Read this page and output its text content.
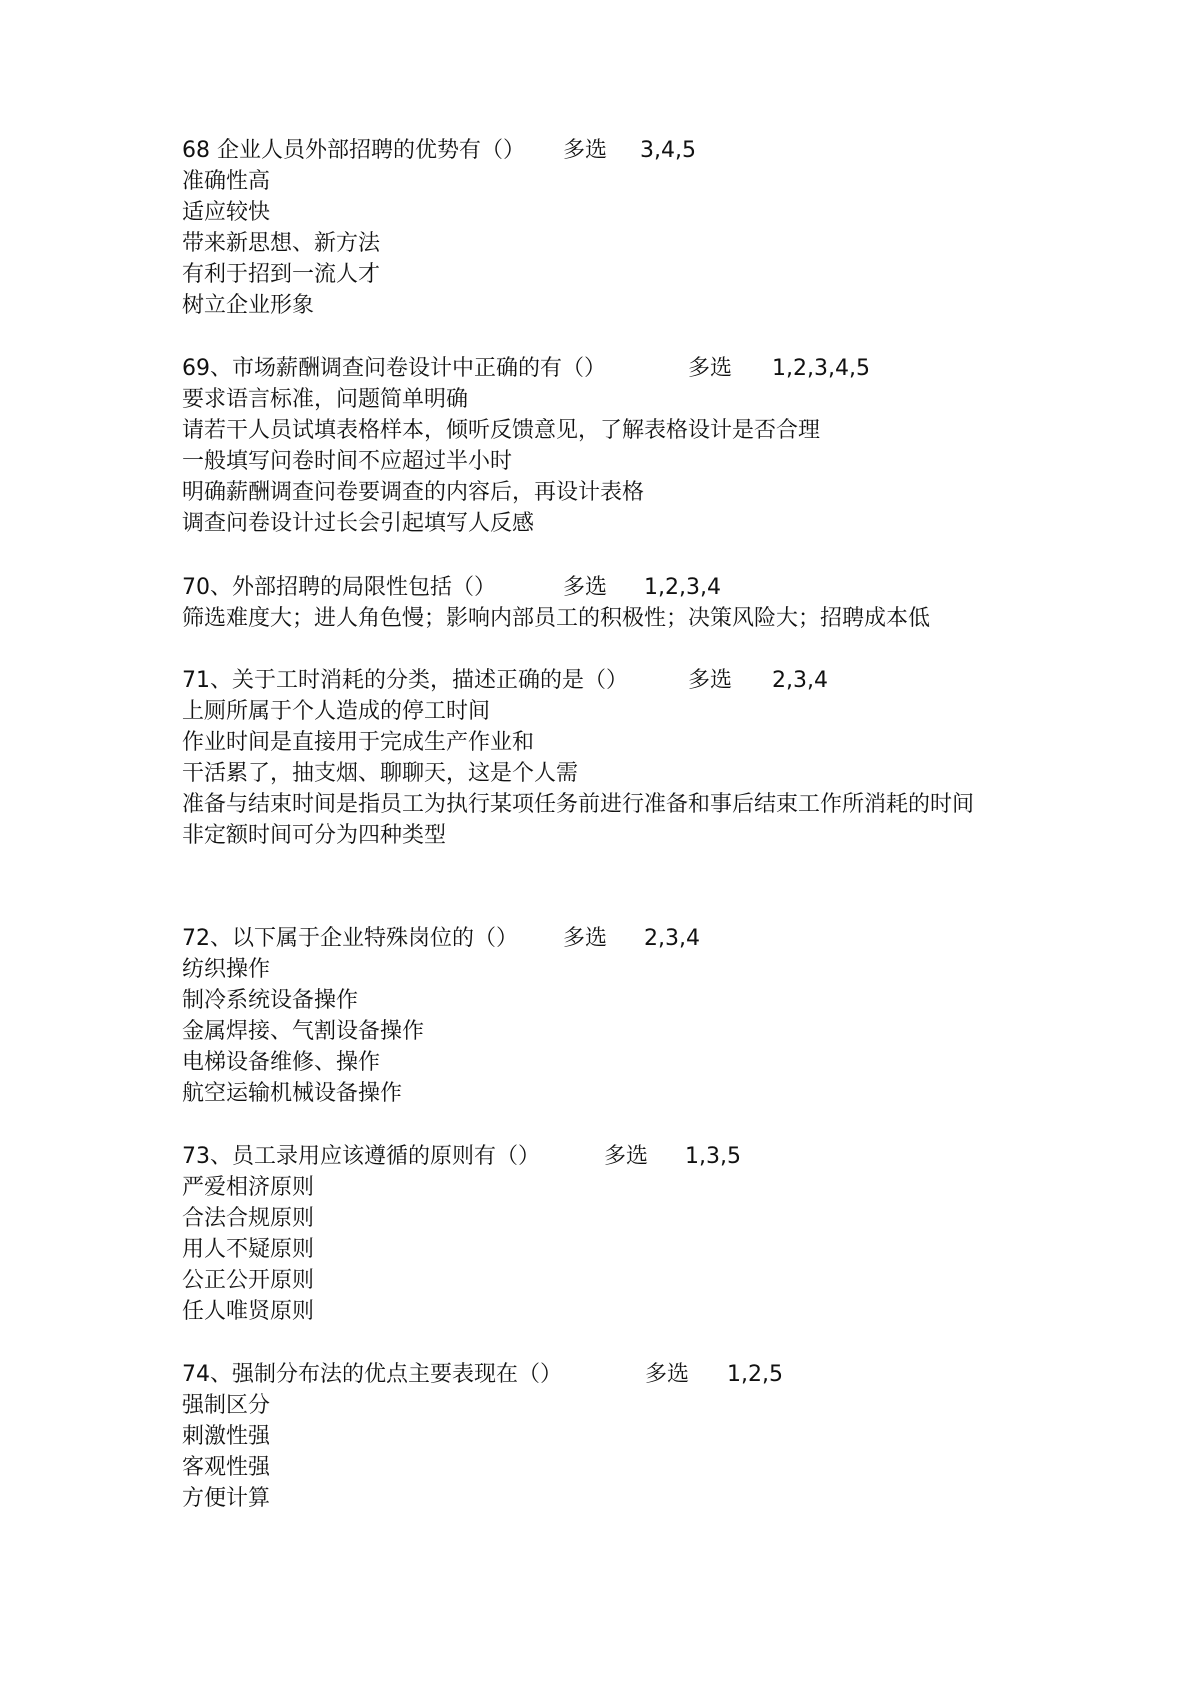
68 企业人员外部招聘的优势有（） 多选 3,4,5
准确性高
适应较快
带来新思想、新方法
有利于招到一流人才
树立企业形象
69、市场薪酬调查问卷设计中正确的有（）	多选 1,2,3,4,5
要求语言标准，问题简单明确
请若干人员试填表格样本，倾听反馈意见，了解表格设计是否合理
一般填写问卷时间不应超过半小时
明确薪酬调查问卷要调查的内容后，再设计表格
调查问卷设计过长会引起填写人反感
70、外部招聘的局限性包括（）	多选 1,2,3,4
筛选难度大；进人角色慢；影响内部员工的积极性；决策风险大；招聘成本低
71、关于工时消耗的分类，描述正确的是（）	多选 2,3,4
上厕所属于个人造成的停工时间
作业时间是直接用于完成生产作业和
干活累了，抽支烟、聊聊天，这是个人需
准备与结束时间是指员工为执行某项任务前进行准备和事后结束工作所消耗的时间
非定额时间可分为四种类型
72、以下属于企业特殊岗位的（） 多选 2,3,4
纺织操作
制冷系统设备操作
金属焊接、气割设备操作
电梯设备维修、操作
航空运输机械设备操作
73、员工录用应该遵循的原则有（）	多选 1,3,5
严爱相济原则
合法合规原则
用人不疑原则
公正公开原则
任人唯贤原则
74、强制分布法的优点主要表现在（）	多选 1,2,5
强制区分
刺激性强
客观性强
方便计算
